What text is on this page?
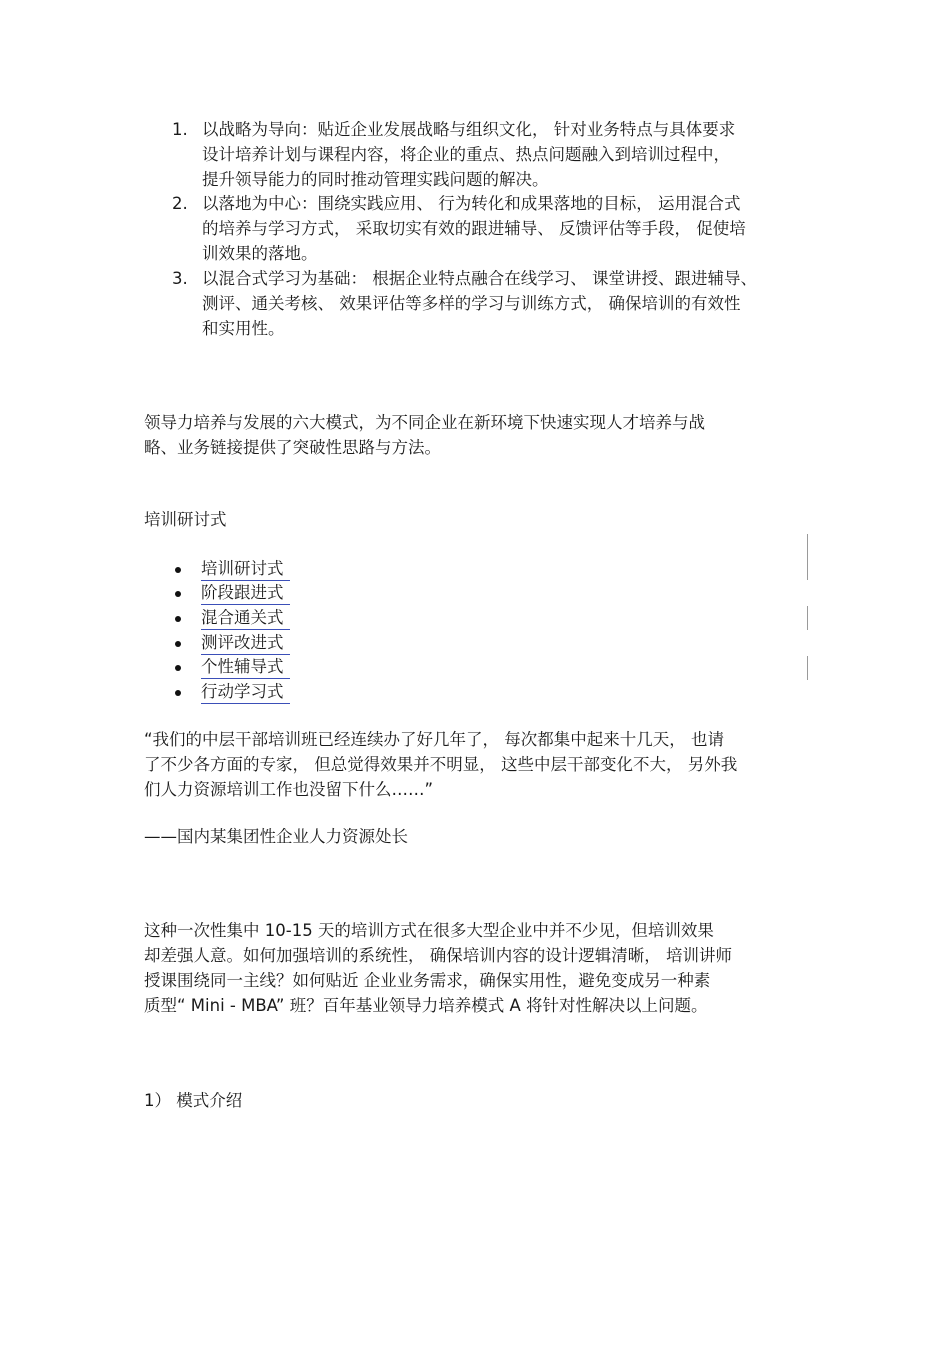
1. 以战略为导向：贴近企业发展战略与组织文化， 针对业务特点与具体要求
设计培养计划与课程内容，将企业的重点、热点问题融入到培训过程中，
提升领导能力的同时推动管理实践问题的解决。
2. 以落地为中心：围绕实践应用、 行为转化和成果落地的目标， 运用混合式
的培养与学习方式， 采取切实有效的跟进辅导、 反馈评估等手段， 促使培
训效果的落地。
3. 以混合式学习为基础： 根据企业特点融合在线学习、 课堂讲授、跟进辅导、
测评、通关考核、 效果评估等多样的学习与训练方式， 确保培训的有效性
和实用性。
领导力培养与发展的六大模式，为不同企业在新环境下快速实现人才培养与战
略、业务链接提供了突破性思路与方法。
培训研讨式
培训研讨式
阶段跟进式
混合通关式
测评改进式
个性辅导式
行动学习式
“我们的中层干部培训班已经连续办了好几年了， 每次都集中起来十几天， 也请
了不少各方面的专家， 但总觉得效果并不明显， 这些中层干部变化不大， 另外我
们人力资源培训工作也没留下什么……”
——国内某集团性企业人力资源处长
这种一次性集中 10-15 天的培训方式在很多大型企业中并不少见，但培训效果
却差强人意。如何加强培训的系统性， 确保培训内容的设计逻辑清晰， 培训讲师
授课围绕同一主线？如何贴近 企业业务需求，确保实用性，避免变成另一种素
质型“ Mini - MBA” 班？百年基业领导力培养模式 A 将针对性解决以上问题。
1） 模式介绍
